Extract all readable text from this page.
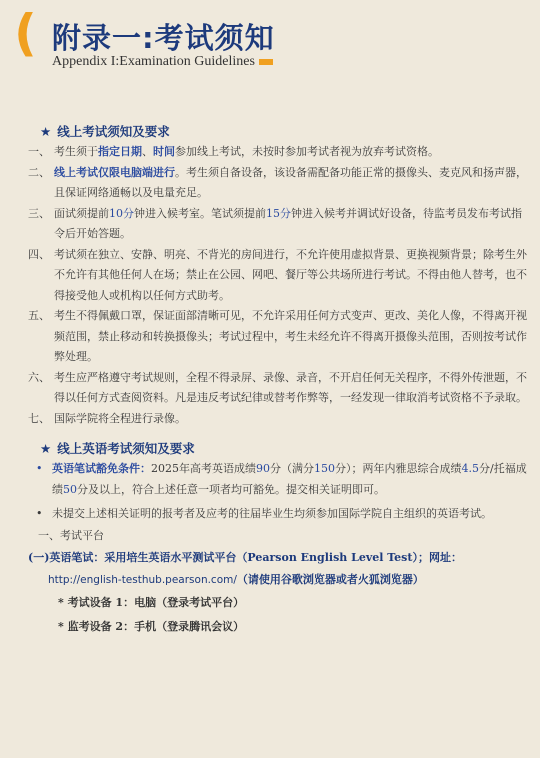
( 附录一:考试须知
Appendix I:Examination Guidelines
★ 线上考试须知及要求
一、 考生须于指定日期、时间参加线上考试，未按时参加考试者视为放弃考试资格。
二、 线上考试仅限电脑端进行。考生须自备设备，该设备需配备功能正常的摄像头、麦克风和扬声器，且保证网络通畅以及电量充足。
三、 面试须提前10分钟进入候考室。笔试须提前15分钟进入候考并调试好设备，待监考员发布考试指令后开始答题。
四、 考试须在独立、安静、明亮、不背光的房间进行，不允许使用虚拟背景、更换视频背景；除考生外不允许有其他任何人在场；禁止在公园、网吧、餐厅等公共场所进行考试。不得由他人替考，也不得接受他人或机构以任何方式助考。
五、 考生不得佩戴口罩，保证面部清晰可见，不允许采用任何方式变声、更改、美化人像，不得离开视频范围，禁止移动和转换摄像头；考试过程中，考生未经允许不得离开摄像头范围，否则按考试作弊处理。
六、 考生应严格遵守考试规则，全程不得录屏、录像、录音，不开启任何无关程序，不得外传泄题，不得以任何方式查阅资料。凡是违反考试纪律或替考作弊等，一经发现一律取消考试资格不予录取。
七、 国际学院将全程进行录像。
★ 线上英语考试须知及要求
• 英语笔试豁免条件：2025年高考英语成绩90分（满分150分）；两年内雅思综合成绩4.5分/托福成绩50分及以上，符合上述任意一项者均可豁免。提交相关证明即可。
• 未提交上述相关证明的报考者及应考的往届毕业生均须参加国际学院自主组织的英语考试。
一、考试平台
(一)英语笔试：采用培生英语水平测试平台（Pearson English Level Test）；网址：
http://english-testhub.pearson.com/（请使用谷歌浏览器或者火狐浏览器）
* 考试设备 1：电脑（登录考试平台）
* 监考设备 2：手机（登录腾讯会议）
